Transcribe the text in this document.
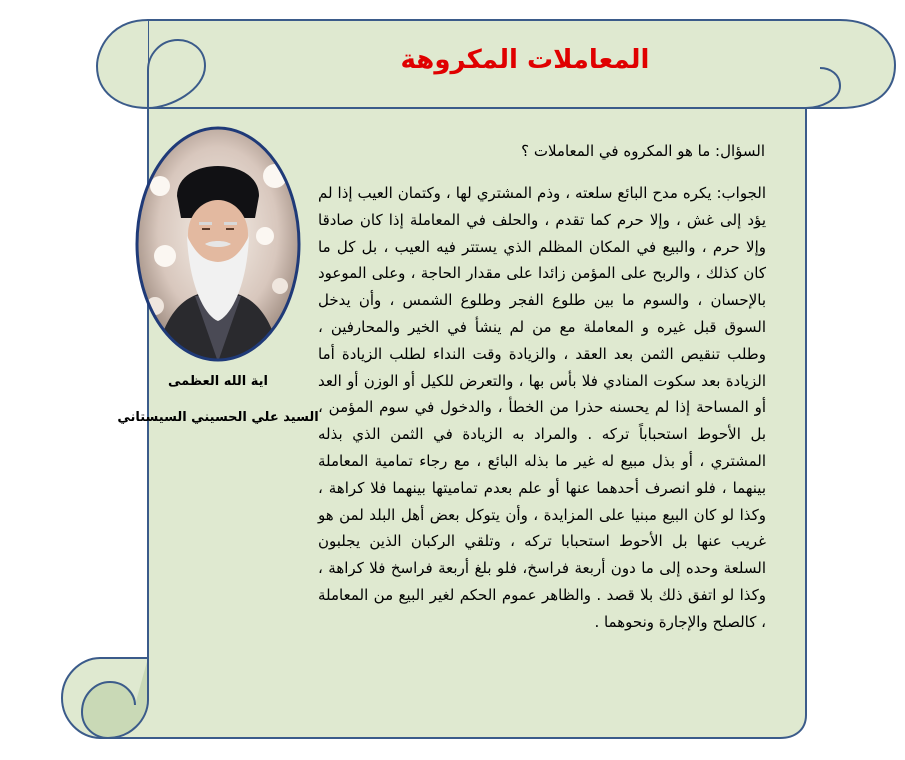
المعاملات المكروهة
اية الله العظمى
السيد علي الحسيني السيستاني
السؤال: ما هو المكروه في المعاملات ؟
الجواب: يكره مدح البائع سلعته ، وذم المشتري لها ، وكتمان العيب إذا لم يؤد إلى غش ، وإلا حرم كما تقدم ، والحلف في المعاملة إذا كان صادقا وإلا حرم ، والبيع في المكان المظلم الذي يستتر فيه العيب ، بل كل ما كان كذلك ، والربح على المؤمن زائدا على مقدار الحاجة ، وعلى الموعود بالإحسان ، والسوم ما بين طلوع الفجر وطلوع الشمس ، وأن يدخل السوق قبل غيره و المعاملة مع من لم ينشأ في الخير والمحارفين ، وطلب تنقيص الثمن بعد العقد ، والزيادة وقت النداء لطلب الزيادة أما الزيادة بعد سكوت المنادي فلا بأس بها ، والتعرض للكيل أو الوزن أو العد أو المساحة إذا لم يحسنه حذرا من الخطأ ، والدخول في سوم المؤمن ، بل الأحوط استحباباً تركه . والمراد به الزيادة في الثمن الذي بذله المشتري ، أو بذل مبيع له غير ما بذله البائع ، مع رجاء تمامية المعاملة بينهما ، فلو انصرف أحدهما عنها أو علم بعدم تماميتها بينهما فلا كراهة ، وكذا لو كان البيع مبنيا على المزايدة ، وأن يتوكل بعض أهل البلد لمن هو غريب عنها بل الأحوط استحبابا تركه ، وتلقي الركبان الذين يجلبون السلعة وحده إلى ما دون أربعة فراسخ، فلو بلغ أربعة فراسخ فلا كراهة ، وكذا لو اتفق ذلك بلا قصد . والظاهر عموم الحكم لغير البيع من المعاملة ، كالصلح والإجارة ونحوهما .
